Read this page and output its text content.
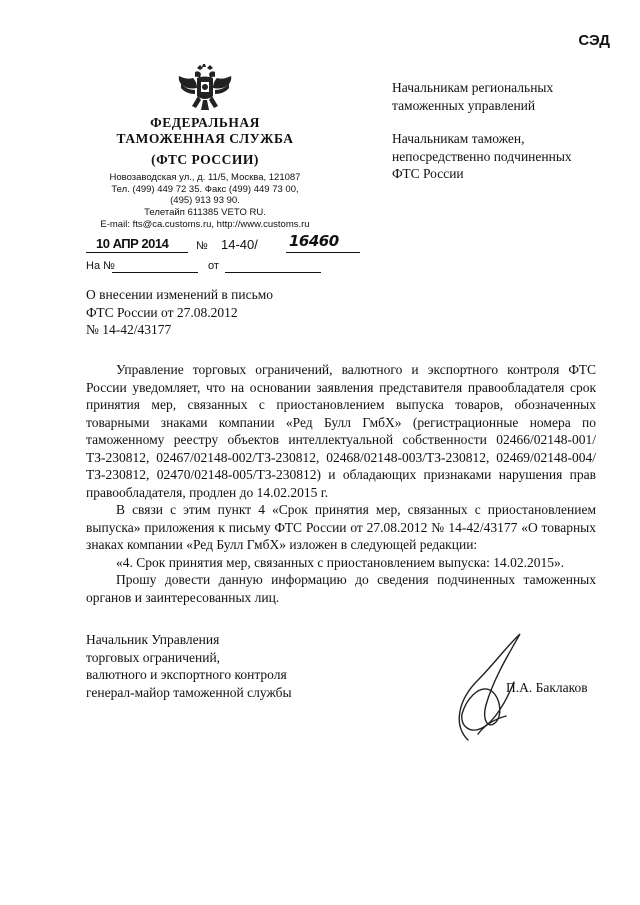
СЭД
ФЕДЕРАЛЬНАЯ
ТАМОЖЕННАЯ СЛУЖБА
(ФТС РОССИИ)
Новозаводская ул., д. 11/5, Москва, 121087
Тел. (499) 449 72 35. Факс (499) 449 73 00,
(495) 913 93 90.
Телетайп 611385 VETO RU.
E-mail: fts@ca.customs.ru, http://www.customs.ru
10 АПР 2014	№ 14-40/ 16460
На №	от
Начальникам региональных
таможенных управлений
Начальникам таможен,
непосредственно подчиненных
ФТС России
О внесении изменений в письмо
ФТС России от 27.08.2012
№ 14-42/43177

Управление торговых ограничений, валютного и экспортного контроля ФТС России уведомляет, что на основании заявления представителя правообладателя срок принятия мер, связанных с приостановлением выпуска товаров, обозначенных товарными знаками компании «Ред Булл ГмбХ» (регистрационные номера по таможенному реестру объектов интеллектуальной собственности 02466/02148-001/ТЗ-230812, 02467/02148-002/ТЗ-230812, 02468/02148-003/ТЗ-230812, 02469/02148-004/ТЗ-230812, 02470/02148-005/ТЗ-230812) и обладающих признаками нарушения прав правообладателя, продлен до 14.02.2015 г.

В связи с этим пункт 4 «Срок принятия мер, связанных с приостановлением выпуска» приложения к письму ФТС России от 27.08.2012 № 14-42/43177 «О товарных знаках компании «Ред Булл ГмбХ» изложен в следующей редакции:

«4. Срок принятия мер, связанных с приостановлением выпуска: 14.02.2015».

Прошу довести данную информацию до сведения подчиненных таможенных органов и заинтересованных лиц.

Начальник Управления
торговых ограничений,
валютного и экспортного контроля
генерал-майор таможенной службы	П.А. Баклаков
